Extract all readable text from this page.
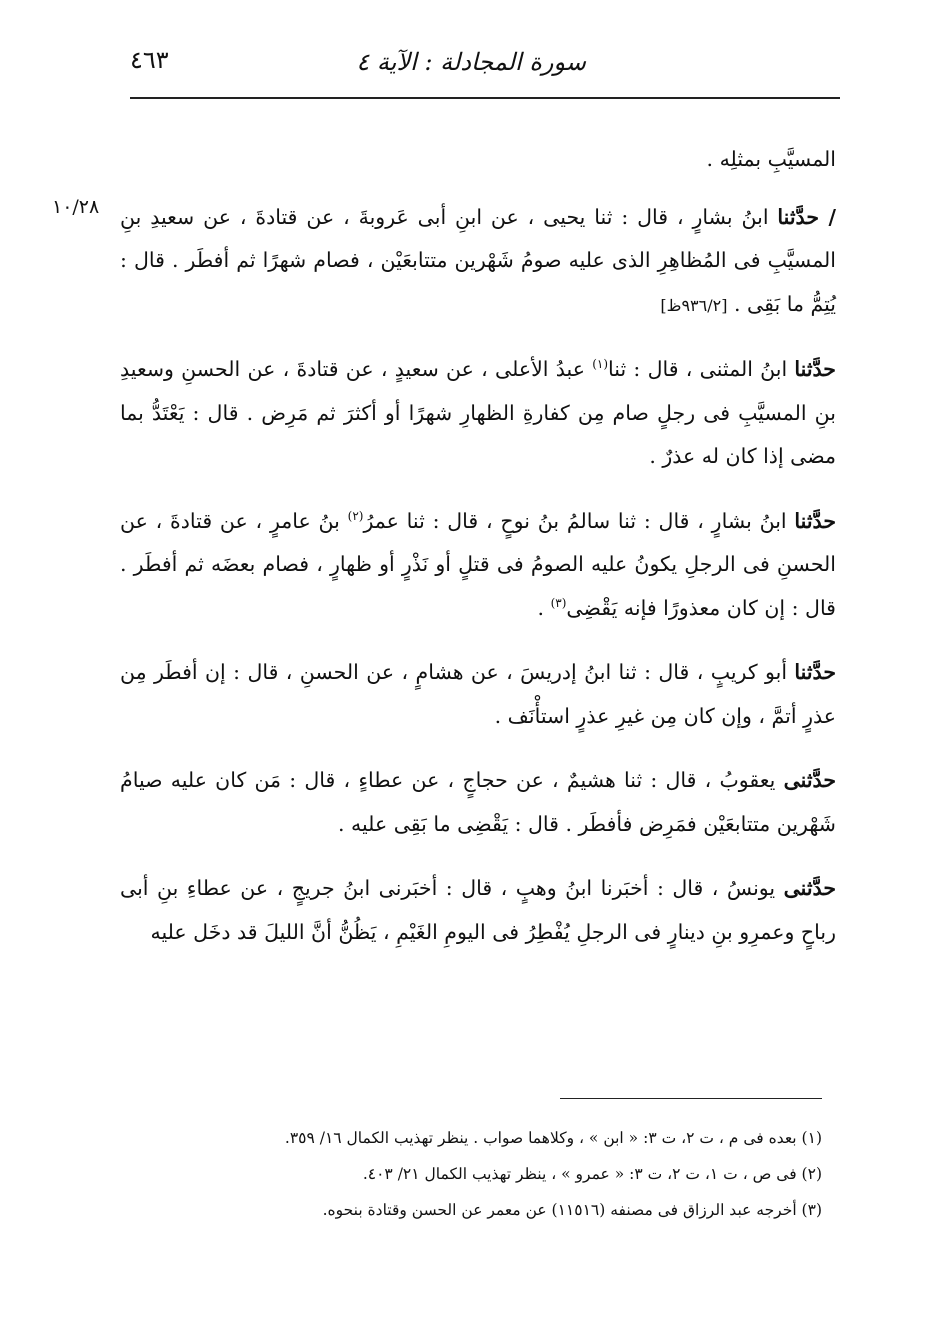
سورة المجادلة : الآية ٤
٤٦٣
١٠/٢٨

المسيَّبِ بمثلِه .

/ حدَّثنا ابنُ بشارٍ ، قال : ثنا يحيى ، عن ابنِ أبى عَروبةَ ، عن قتادةَ ، عن سعيدِ بنِ المسيَّبِ فى المُظاهِرِ الذى عليه صومُ شَهْرين متتابعَيْن ، فصام شهرًا ثم أفطَر . قال : يُتِمُّ ما بَقِى . [٩٣٦/٢ظ]

حدَّثنا ابنُ المثنى ، قال : ثنا$^{(١)}$ عبدُ الأعلى ، عن سعيدٍ ، عن قتادةَ ، عن الحسنِ وسعيدِ بنِ المسيَّبِ فى رجلٍ صام مِن كفارةِ الظهارِ شهرًا أو أكثرَ ثم مَرِض . قال : يَعْتَدُّ بما مضى إذا كان له عذرٌ .

حدَّثنا ابنُ بشارٍ ، قال : ثنا سالمُ بنُ نوحٍ ، قال : ثنا عمرُ$^{(٢)}$ بنُ عامرٍ ، عن قتادةَ ، عن الحسنِ فى الرجلِ يكونُ عليه الصومُ فى قتلٍ أو نَذْرٍ أو ظهارٍ ، فصام بعضَه ثم أفطَر . قال : إن كان معذورًا فإنه يَقْضِى$^{(٣)}$ .

حدَّثنا أبو كريبٍ ، قال : ثنا ابنُ إدريسَ ، عن هشامٍ ، عن الحسنِ ، قال : إن أفطَر مِن عذرٍ أتمَّ ، وإن كان مِن غيرِ عذرٍ استأْنَف .

حدَّثنى يعقوبُ ، قال : ثنا هشيمٌ ، عن حجاجٍ ، عن عطاءٍ ، قال : مَن كان عليه صيامُ شَهْرين متتابعَيْن فمَرِض فأفطَر . قال : يَقْضِى ما بَقِى عليه .

حدَّثنى يونسُ ، قال : أخبَرنا ابنُ وهبٍ ، قال : أخبَرنى ابنُ جريجٍ ، عن عطاءِ بنِ أبى رباحٍ وعمرِو بنِ دينارٍ فى الرجلِ يُفْطِرُ فى اليومِ الغَيْمِ ، يَظُنُّ أنَّ الليلَ قد دخَل عليه

(١) بعده فى م ، ت ٢، ت ٣: « ابن » ، وكلاهما صواب . ينظر تهذيب الكمال ١٦/ ٣٥٩.
(٢) فى ص ، ت ١، ت ٢، ت ٣: « عمرو » ، ينظر تهذيب الكمال ٢١/ ٤٠٣.
(٣) أخرجه عبد الرزاق فى مصنفه (١١٥١٦) عن معمر عن الحسن وقتادة بنحوه.
